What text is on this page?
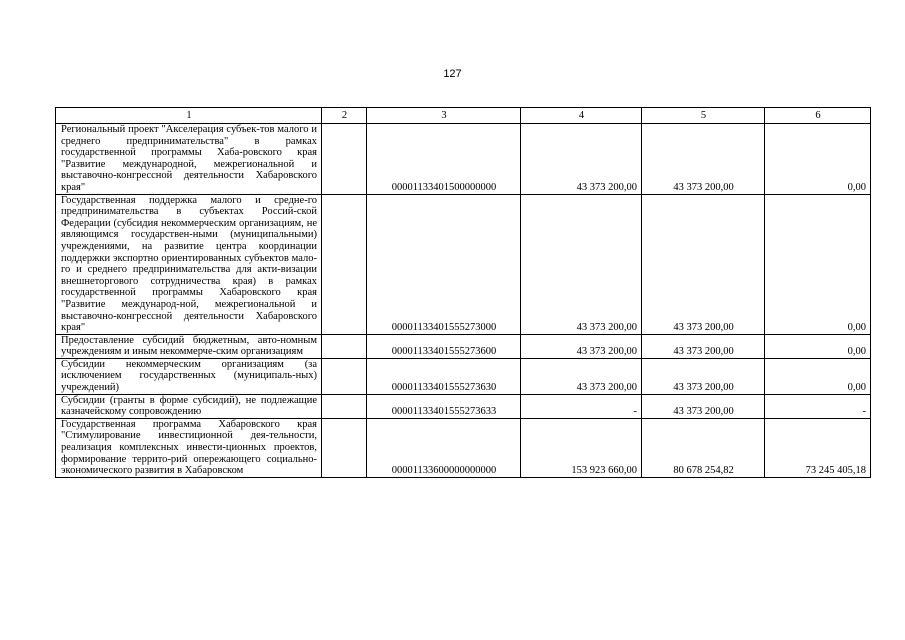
127
1	2	3	4	5	6
Региональный проект "Акселерация субъек-тов малого и среднего предпринимательства" в рамках государственной программы Хаба-ровского края "Развитие международной, межрегиональной и выставочно-конгрессной деятельности Хабаровского края"		00001133401500000000	43 373 200,00	43 373 200,00	0,00
Государственная поддержка малого и средне-го предпринимательства в субъектах Россий-ской Федерации (субсидия некоммерческим организациям, не являющимся государствен-ными (муниципальными) учреждениями, на развитие центра координации поддержки экспортно ориентированных субъектов мало-го и среднего предпринимательства для акти-визации внешнеторгового сотрудничества края) в рамках государственной программы Хабаровского края "Развитие международ-ной, межрегиональной и выставочно-конгрессной деятельности Хабаровского края"		00001133401555273000	43 373 200,00	43 373 200,00	0,00
Предоставление субсидий бюджетным, авто-номным учреждениям и иным некоммерче-ским организациям		00001133401555273600	43 373 200,00	43 373 200,00	0,00
Субсидии некоммерческим организациям (за исключением государственных (муниципаль-ных) учреждений)		00001133401555273630	43 373 200,00	43 373 200,00	0,00
Субсидии (гранты в форме субсидий), не подлежащие казначейскому сопровождению		00001133401555273633	-	43 373 200,00	-
Государственная программа Хабаровского края "Стимулирование инвестиционной дея-тельности, реализация комплексных инвести-ционных проектов, формирование террито-рий опережающего социально-экономического развития в Хабаровском		00001133600000000000	153 923 660,00	80 678 254,82	73 245 405,18
